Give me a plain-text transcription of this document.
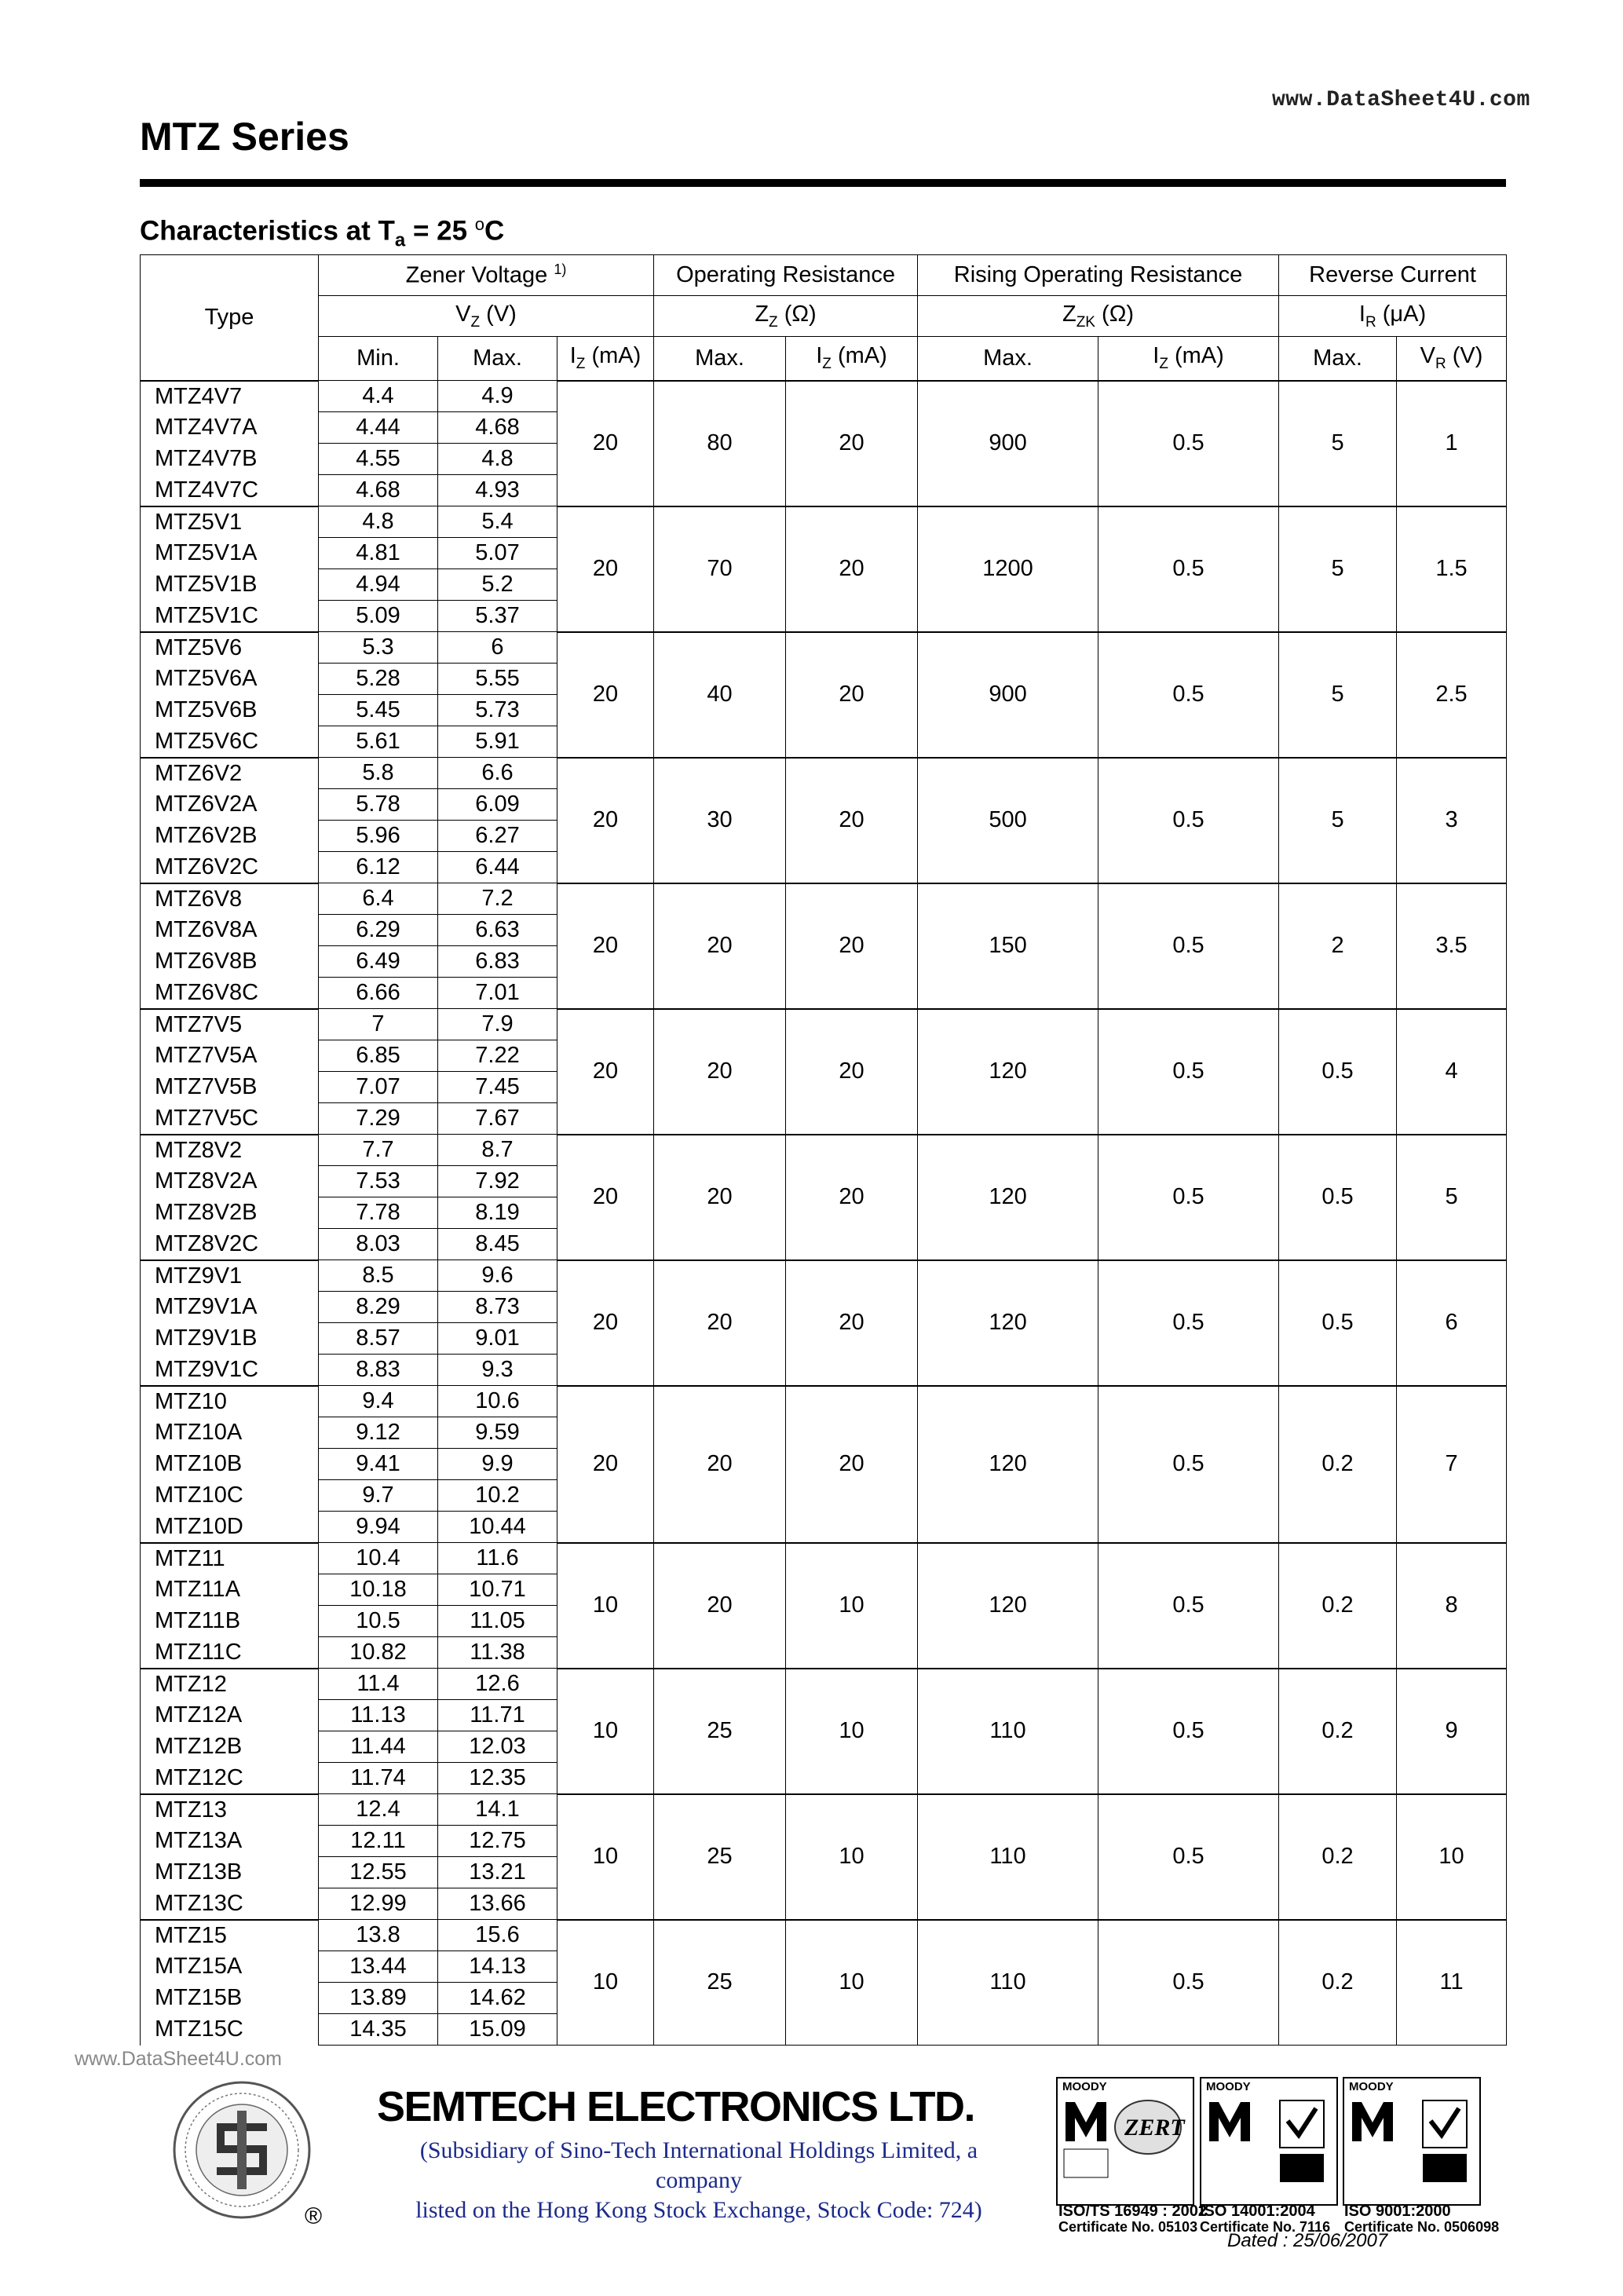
www.DataSheet4U.com
MTZ Series
Characteristics at $T_a = 25$ $^o$C
Type	Zener Voltage $^{1)}$			Operating Resistance		Rising Operating Resistance		Reverse Current	
	$V_Z$ (V)			$Z_Z$ (Ω)		$Z_{ZK}$ (Ω)		$I_R$ (μA)	
	Min.	Max.	$I_Z$ (mA)	Max.	$I_Z$ (mA)	Max.	$I_Z$ (mA)	Max.	$V_R$ (V)
MTZ4V7	4.4	4.9	20	80	20	900	0.5	5	1
MTZ4V7A	4.44	4.68							
MTZ4V7B	4.55	4.8							
MTZ4V7C	4.68	4.93							
MTZ5V1	4.8	5.4	20	70	20	1200	0.5	5	1.5
MTZ5V1A	4.81	5.07							
MTZ5V1B	4.94	5.2							
MTZ5V1C	5.09	5.37							
MTZ5V6	5.3	6	20	40	20	900	0.5	5	2.5
MTZ5V6A	5.28	5.55							
MTZ5V6B	5.45	5.73							
MTZ5V6C	5.61	5.91							
MTZ6V2	5.8	6.6	20	30	20	500	0.5	5	3
MTZ6V2A	5.78	6.09							
MTZ6V2B	5.96	6.27							
MTZ6V2C	6.12	6.44							
MTZ6V8	6.4	7.2	20	20	20	150	0.5	2	3.5
MTZ6V8A	6.29	6.63							
MTZ6V8B	6.49	6.83							
MTZ6V8C	6.66	7.01							
MTZ7V5	7	7.9	20	20	20	120	0.5	0.5	4
MTZ7V5A	6.85	7.22							
MTZ7V5B	7.07	7.45							
MTZ7V5C	7.29	7.67							
MTZ8V2	7.7	8.7	20	20	20	120	0.5	0.5	5
MTZ8V2A	7.53	7.92							
MTZ8V2B	7.78	8.19							
MTZ8V2C	8.03	8.45							
MTZ9V1	8.5	9.6	20	20	20	120	0.5	0.5	6
MTZ9V1A	8.29	8.73							
MTZ9V1B	8.57	9.01							
MTZ9V1C	8.83	9.3							
MTZ10	9.4	10.6	20	20	20	120	0.5	0.2	7
MTZ10A	9.12	9.59							
MTZ10B	9.41	9.9							
MTZ10C	9.7	10.2							
MTZ10D	9.94	10.44							
MTZ11	10.4	11.6	10	20	10	120	0.5	0.2	8
MTZ11A	10.18	10.71							
MTZ11B	10.5	11.05							
MTZ11C	10.82	11.38							
MTZ12	11.4	12.6	10	25	10	110	0.5	0.2	9
MTZ12A	11.13	11.71							
MTZ12B	11.44	12.03							
MTZ12C	11.74	12.35							
MTZ13	12.4	14.1	10	25	10	110	0.5	0.2	10
MTZ13A	12.11	12.75							
MTZ13B	12.55	13.21							
MTZ13C	12.99	13.66							
MTZ15	13.8	15.6	10	25	10	110	0.5	0.2	11
MTZ15A	13.44	14.13							
MTZ15B	13.89	14.62							
MTZ15C	14.35	15.09							
www.DataSheet4U.com
®
SEMTECH ELECTRONICS LTD.
(Subsidiary of Sino-Tech International Holdings Limited, a company
listed on the Hong Kong Stock Exchange, Stock Code: 724)
MOODY
ZERT
MOODY	MOODY
ISO/TS 16949 : 2002
Certificate No. 05103
ISO 14001:2004
Certificate No. 7116
ISO 9001:2000
Certificate No. 0506098
Dated : 25/06/2007
